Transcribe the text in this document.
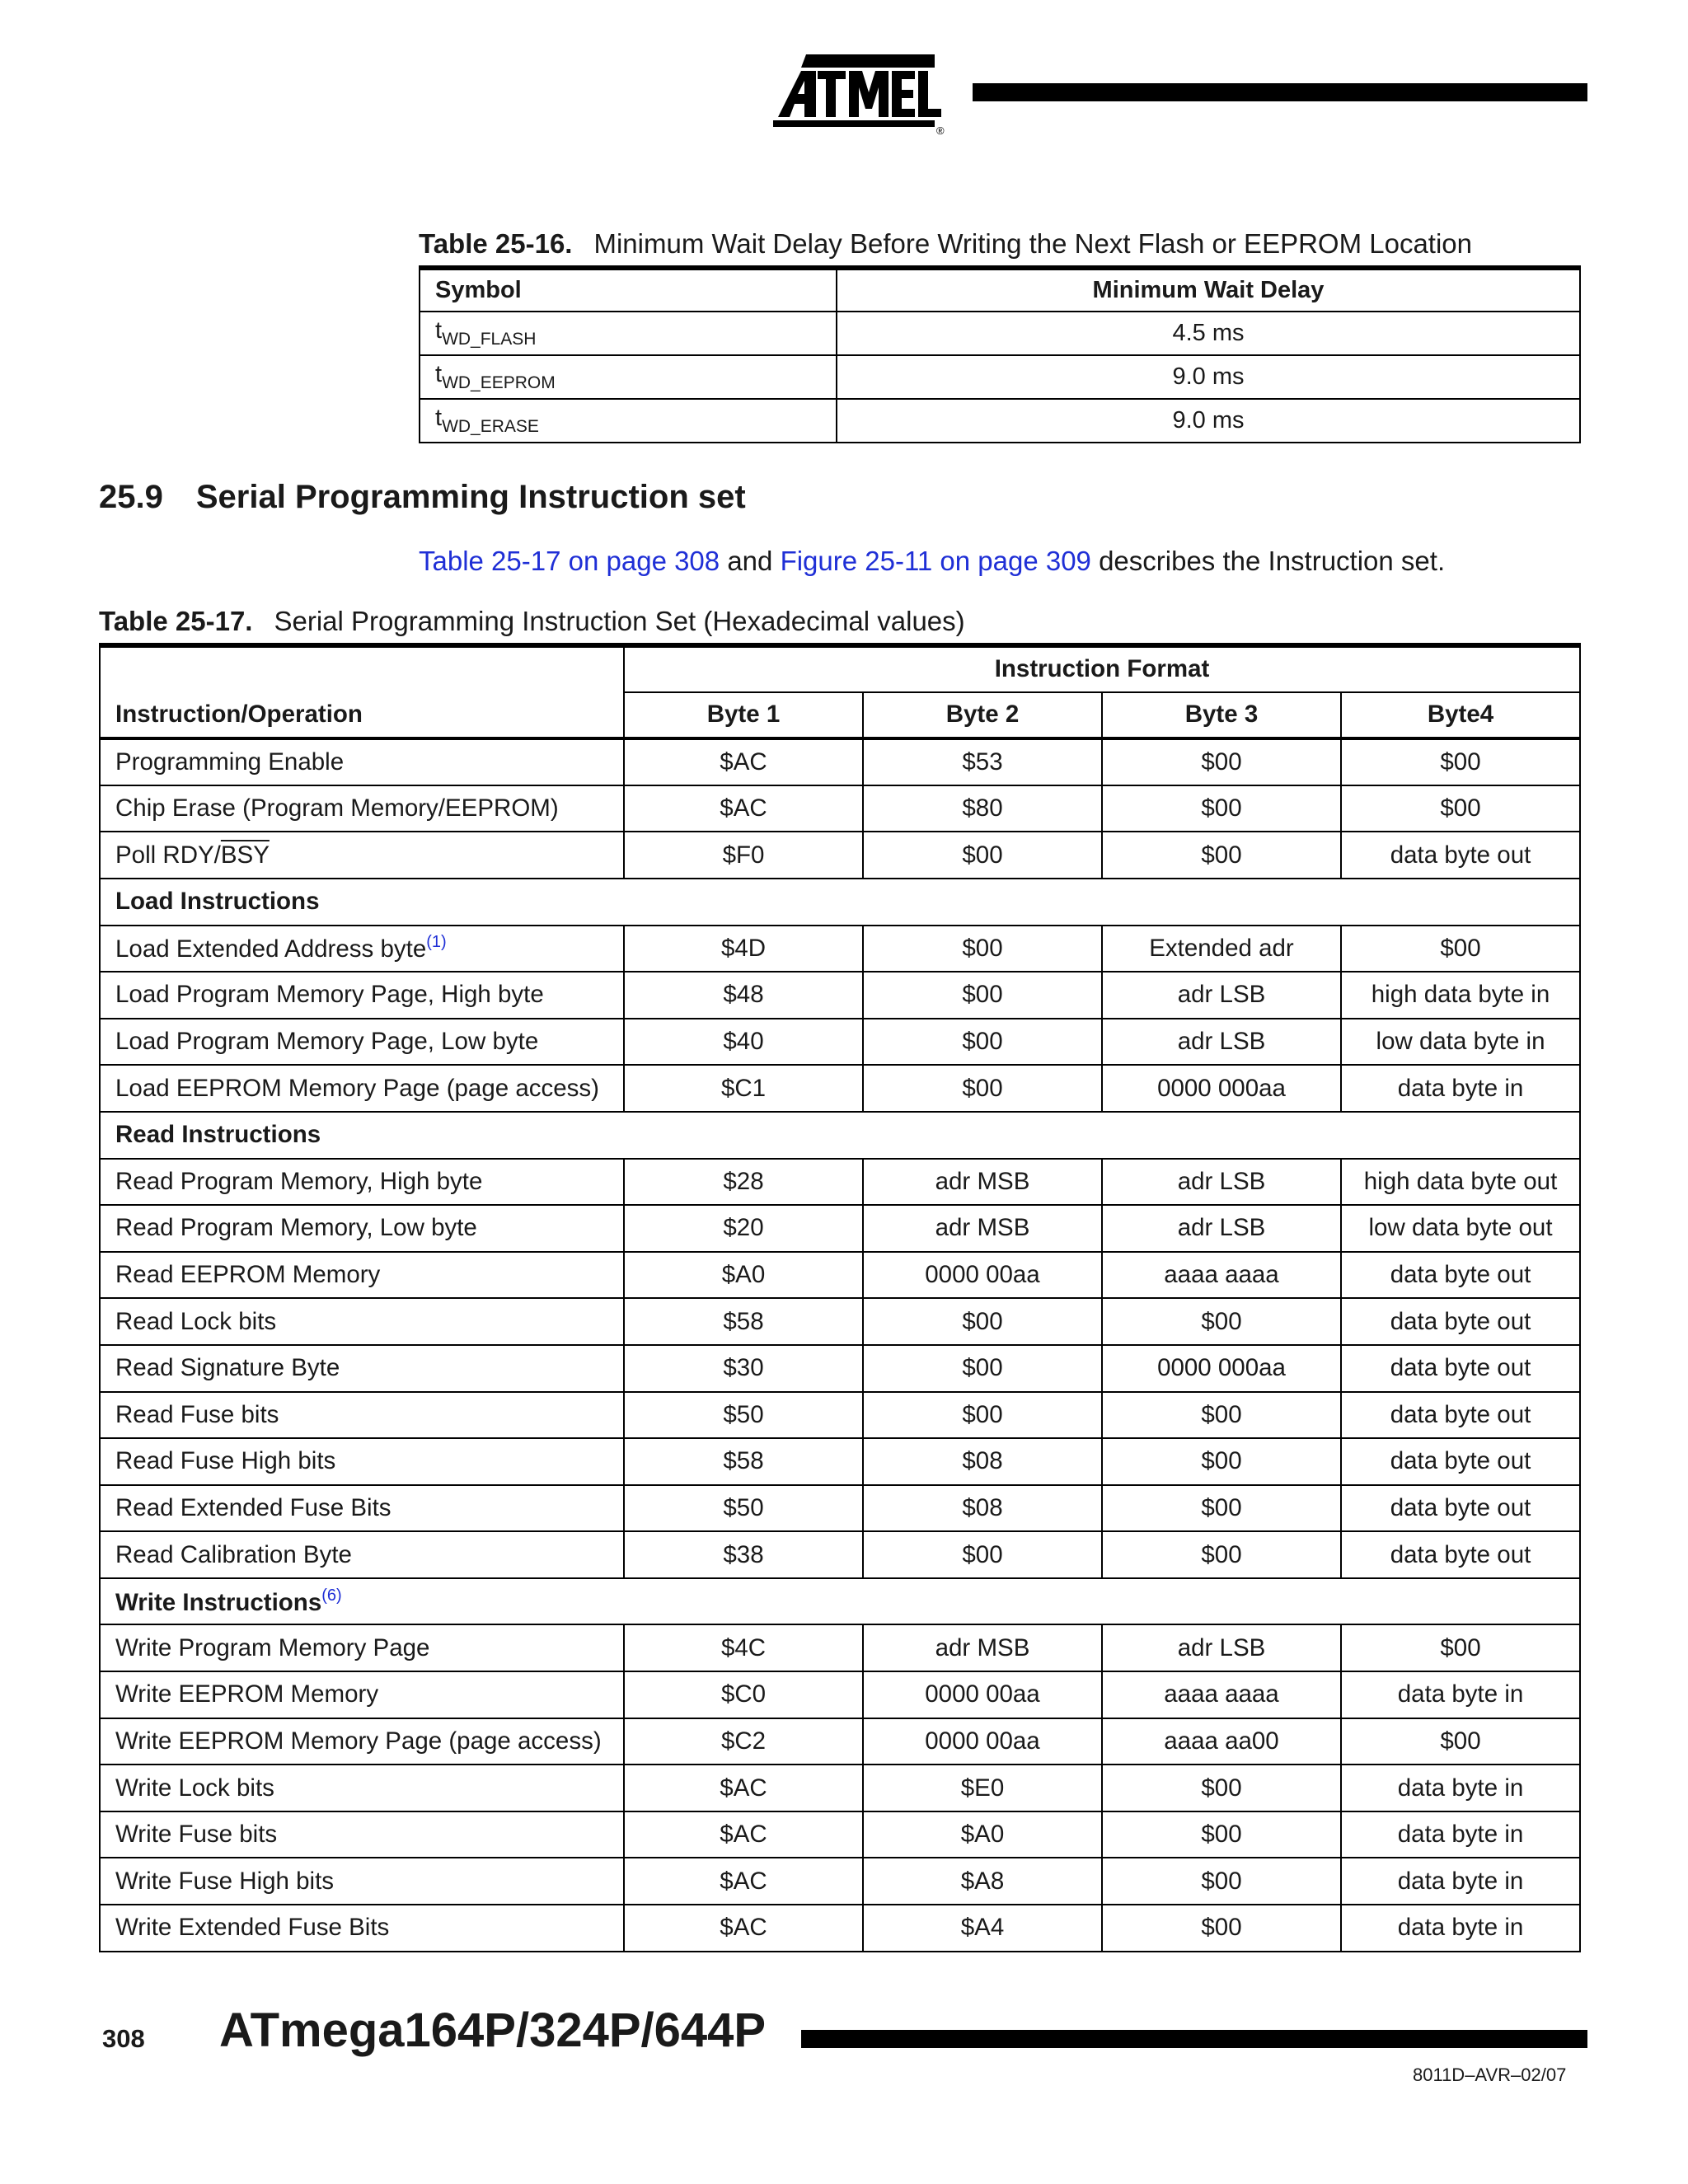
®
Table 25-16. Minimum Wait Delay Before Writing the Next Flash or EEPROM Location
Symbol	Minimum Wait Delay
$t_{WD\_FLASH}$	4.5 ms
$t_{WD\_EEPROM}$	9.0 ms
$t_{WD\_ERASE}$	9.0 ms
25.9 Serial Programming Instruction set
Table 25-17 on page 308 and Figure 25-11 on page 309 describes the Instruction set.
Table 25-17. Serial Programming Instruction Set (Hexadecimal values)
Instruction/Operation	Instruction Format			
	Byte 1	Byte 2	Byte 3	Byte4
Programming Enable	$AC	$53	$00	$00
Chip Erase (Program Memory/EEPROM)	$AC	$80	$00	$00
Poll RDY/$\overline{BSY}$	$F0	$00	$00	data byte out
Load Instructions				
Load Extended Address byte$^{(1)}$	$4D	$00	Extended adr	$00
Load Program Memory Page, High byte	$48	$00	adr LSB	high data byte in
Load Program Memory Page, Low byte	$40	$00	adr LSB	low data byte in
Load EEPROM Memory Page (page access)	$C1	$00	0000 000aa	data byte in
Read Instructions				
Read Program Memory, High byte	$28	adr MSB	adr LSB	high data byte out
Read Program Memory, Low byte	$20	adr MSB	adr LSB	low data byte out
Read EEPROM Memory	$A0	0000 00aa	aaaa aaaa	data byte out
Read Lock bits	$58	$00	$00	data byte out
Read Signature Byte	$30	$00	0000 000aa	data byte out
Read Fuse bits	$50	$00	$00	data byte out
Read Fuse High bits	$58	$08	$00	data byte out
Read Extended Fuse Bits	$50	$08	$00	data byte out
Read Calibration Byte	$38	$00	$00	data byte out
Write Instructions$^{(6)}$
Write Program Memory Page	$4C	adr MSB	adr LSB	$00
Write EEPROM Memory	$C0	0000 00aa	aaaa aaaa	data byte in
Write EEPROM Memory Page (page access)	$C2	0000 00aa	aaaa aa00	$00
Write Lock bits	$AC	$E0	$00	data byte in
Write Fuse bits	$AC	$A0	$00	data byte in
Write Fuse High bits	$AC	$A8	$00	data byte in
Write Extended Fuse Bits	$AC	$A4	$00	data byte in
308 ATmega164P/324P/644P
8011D–AVR–02/07
